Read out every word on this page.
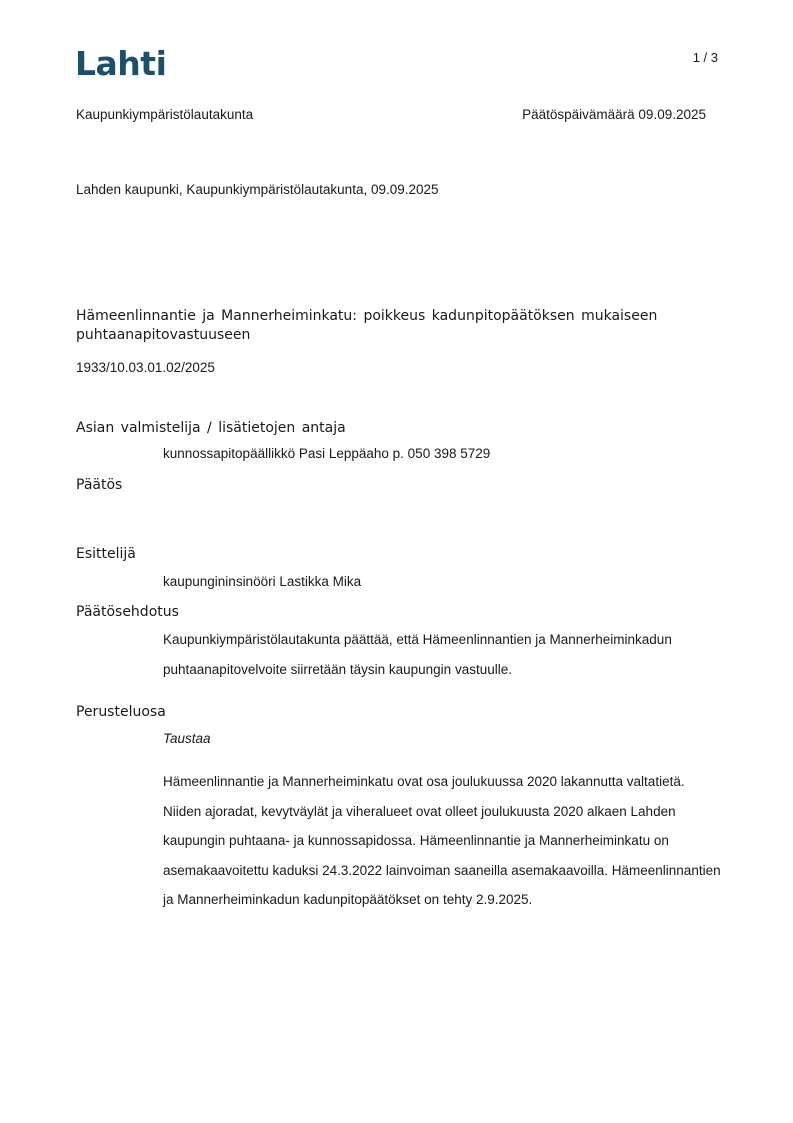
Lahti	1 / 3
Kaupunkiympäristölautakunta	Päätöspäivämäärä 09.09.2025
Lahden kaupunki, Kaupunkiympäristölautakunta, 09.09.2025
Hämeenlinnantie ja Mannerheiminkatu: poikkeus kadunpitopäätöksen mukaiseen puhtaanapitovastuuseen
1933/10.03.01.02/2025
Asian valmistelija / lisätietojen antaja
kunnossapitopäällikkö Pasi Leppäaho p. 050 398 5729
Päätös
Esittelijä
kaupungininsinööri Lastikka Mika
Päätösehdotus
Kaupunkiympäristölautakunta päättää, että Hämeenlinnantien ja Mannerheiminkadun puhtaanapitovelvoite siirretään täysin kaupungin vastuulle.
Perusteluosa
Taustaa
Hämeenlinnantie ja Mannerheiminkatu ovat osa joulukuussa 2020 lakannutta valtatietä. Niiden ajoradat, kevytväylät ja viheralueet ovat olleet joulukuusta 2020 alkaen Lahden kaupungin puhtaana- ja kunnossapidossa. Hämeenlinnantie ja Mannerheiminkatu on asemakaavoitettu kaduksi 24.3.2022 lainvoiman saaneilla asemakaavoilla. Hämeenlinnantien ja Mannerheiminkadun kadunpitopäätökset on tehty 2.9.2025.
